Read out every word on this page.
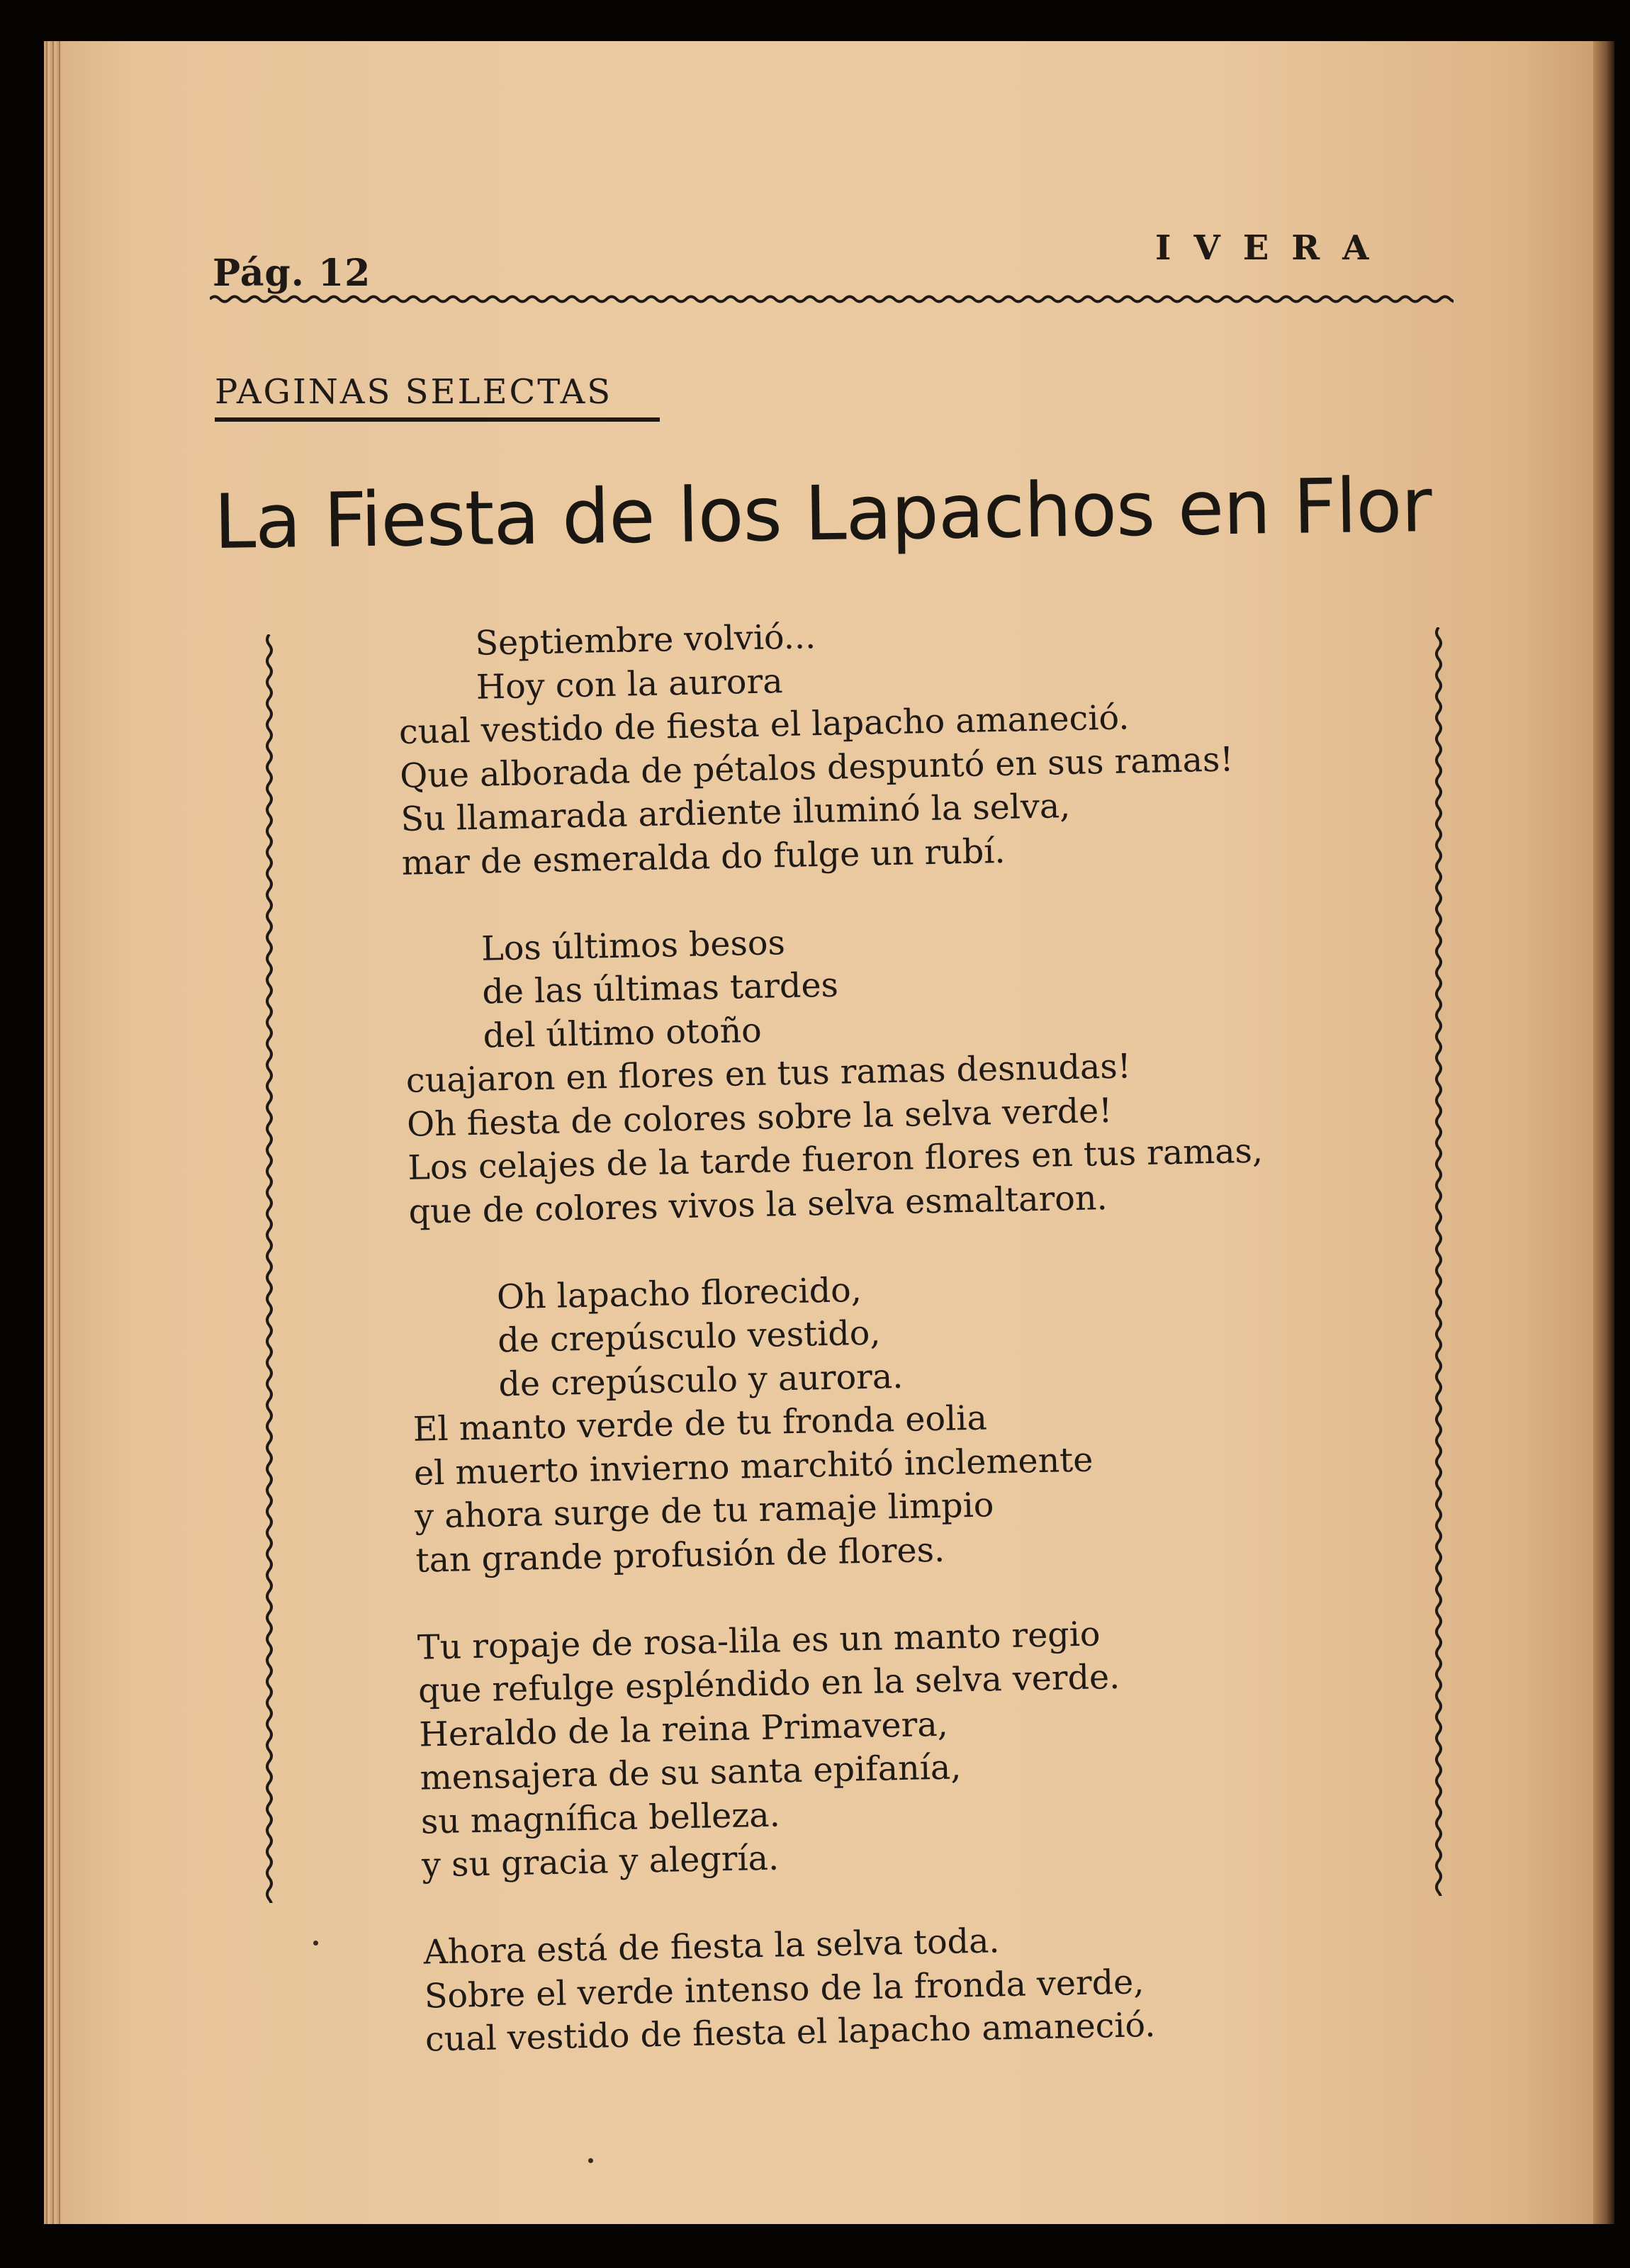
Pág. 12
IVERA
PAGINAS SELECTAS
La Fiesta de los Lapachos en Flor
Septiembre volvió...
Hoy con la aurora
cual vestido de fiesta el lapacho amaneció.
Que alborada de pétalos despuntó en sus ramas!
Su llamarada ardiente iluminó la selva,
mar de esmeralda do fulge un rubí.
Los últimos besos
de las últimas tardes
del último otoño
cuajaron en flores en tus ramas desnudas!
Oh fiesta de colores sobre la selva verde!
Los celajes de la tarde fueron flores en tus ramas,
que de colores vivos la selva esmaltaron.
Oh lapacho florecido,
de crepúsculo vestido,
de crepúsculo y aurora.
El manto verde de tu fronda eolia
el muerto invierno marchitó inclemente
y ahora surge de tu ramaje limpio
tan grande profusión de flores.
Tu ropaje de rosa-lila es un manto regio
que refulge espléndido en la selva verde.
Heraldo de la reina Primavera,
mensajera de su santa epifanía,
su magnífica belleza.
y su gracia y alegría.
Ahora está de fiesta la selva toda.
Sobre el verde intenso de la fronda verde,
cual vestido de fiesta el lapacho amaneció.
